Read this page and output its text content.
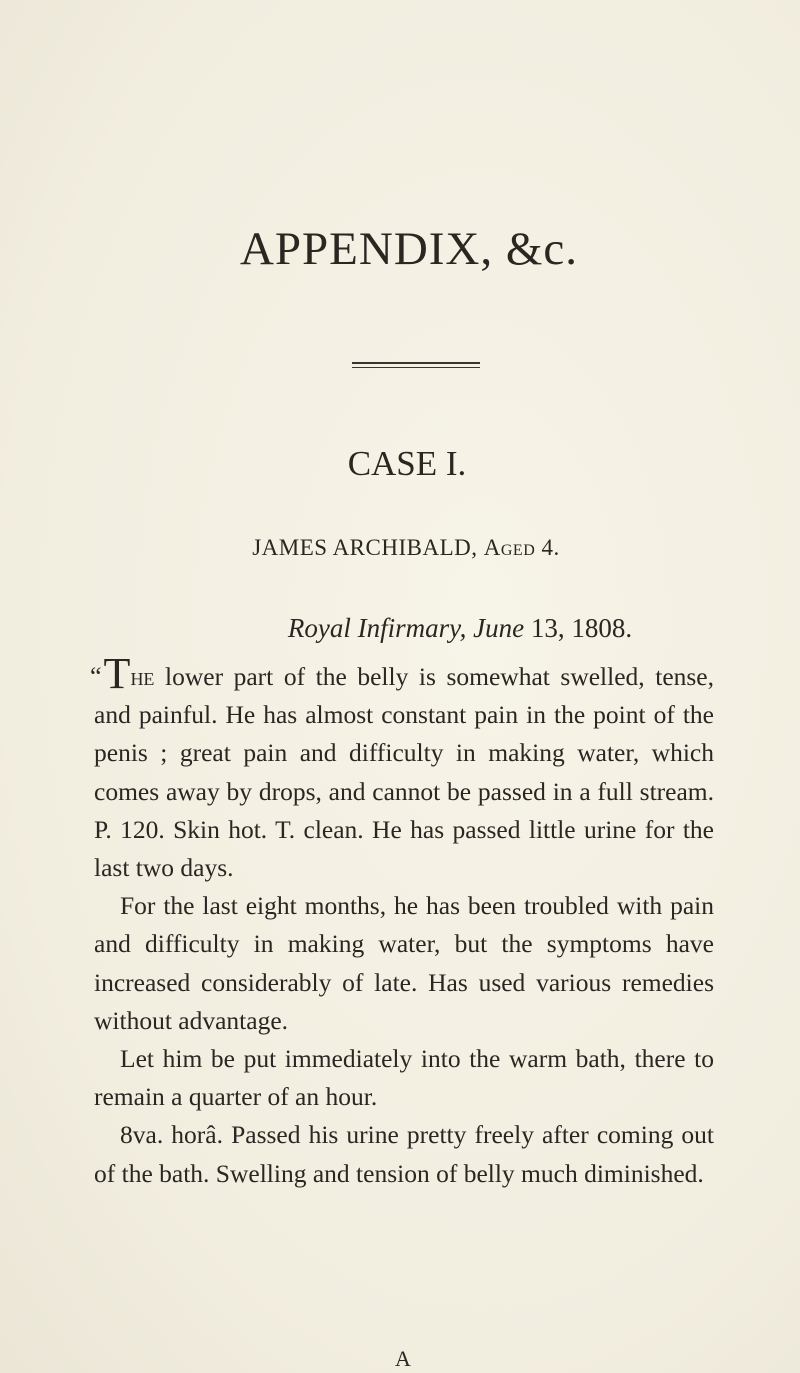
APPENDIX, &c.
CASE I.
JAMES ARCHIBALD, Aged 4.
Royal Infirmary, June 13, 1808.

“The lower part of the belly is somewhat swelled, tense, and painful. He has almost constant pain in the point of the penis ; great pain and difficulty in making water, which comes away by drops, and cannot be passed in a full stream. P. 120. Skin hot. T. clean. He has passed little urine for the last two days.

For the last eight months, he has been troubled with pain and difficulty in making water, but the symptoms have increased considerably of late. Has used various remedies without advantage.

Let him be put immediately into the warm bath, there to remain a quarter of an hour.

8va. horâ. Passed his urine pretty freely after coming out of the bath. Swelling and tension of belly much diminished.

A
